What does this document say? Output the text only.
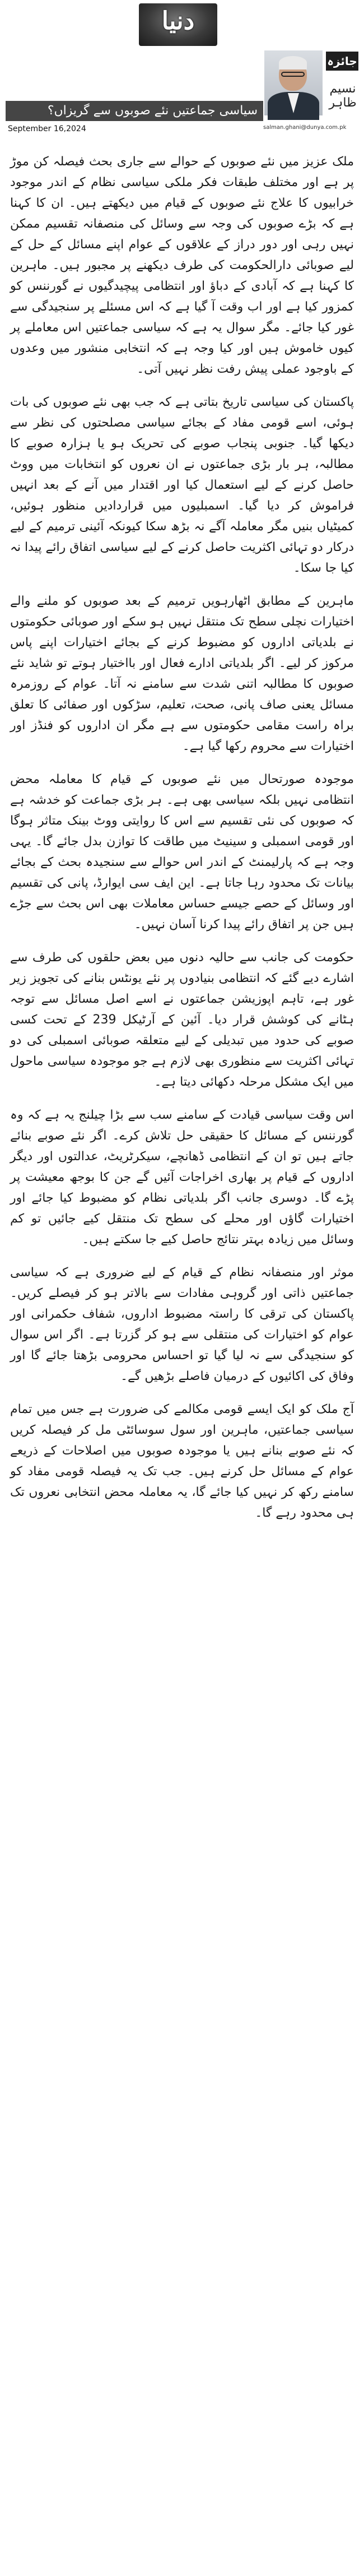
دنیا
جائزہ
نسیم ظاہر
salman.ghani@dunya.com.pk
سیاسی جماعتیں نئے صوبوں سے گریزاں؟
September 16,2024

ملک عزیز میں نئے صوبوں کے حوالے سے جاری بحث فیصلہ کن موڑ پر ہے اور مختلف طبقات فکر ملکی سیاسی نظام کے اندر موجود خرابیوں کا علاج نئے صوبوں کے قیام میں دیکھتے ہیں۔ ان کا کہنا ہے کہ بڑے صوبوں کی وجہ سے وسائل کی منصفانہ تقسیم ممکن نہیں رہی اور دور دراز کے علاقوں کے عوام اپنے مسائل کے حل کے لیے صوبائی دارالحکومت کی طرف دیکھنے پر مجبور ہیں۔ ماہرین کا کہنا ہے کہ آبادی کے دباؤ اور انتظامی پیچیدگیوں نے گورننس کو کمزور کیا ہے اور اب وقت آ گیا ہے کہ اس مسئلے پر سنجیدگی سے غور کیا جائے۔ مگر سوال یہ ہے کہ سیاسی جماعتیں اس معاملے پر کیوں خاموش ہیں اور کیا وجہ ہے کہ انتخابی منشور میں وعدوں کے باوجود عملی پیش رفت نظر نہیں آتی۔

پاکستان کی سیاسی تاریخ بتاتی ہے کہ جب بھی نئے صوبوں کی بات ہوئی، اسے قومی مفاد کے بجائے سیاسی مصلحتوں کی نظر سے دیکھا گیا۔ جنوبی پنجاب صوبے کی تحریک ہو یا ہزارہ صوبے کا مطالبہ، ہر بار بڑی جماعتوں نے ان نعروں کو انتخابات میں ووٹ حاصل کرنے کے لیے استعمال کیا اور اقتدار میں آنے کے بعد انہیں فراموش کر دیا گیا۔ اسمبلیوں میں قراردادیں منظور ہوئیں، کمیٹیاں بنیں مگر معاملہ آگے نہ بڑھ سکا کیونکہ آئینی ترمیم کے لیے درکار دو تہائی اکثریت حاصل کرنے کے لیے سیاسی اتفاق رائے پیدا نہ کیا جا سکا۔

ماہرین کے مطابق اٹھارہویں ترمیم کے بعد صوبوں کو ملنے والے اختیارات نچلی سطح تک منتقل نہیں ہو سکے اور صوبائی حکومتوں نے بلدیاتی اداروں کو مضبوط کرنے کے بجائے اختیارات اپنے پاس مرکوز کر لیے۔ اگر بلدیاتی ادارے فعال اور بااختیار ہوتے تو شاید نئے صوبوں کا مطالبہ اتنی شدت سے سامنے نہ آتا۔ عوام کے روزمرہ مسائل یعنی صاف پانی، صحت، تعلیم، سڑکوں اور صفائی کا تعلق براہ راست مقامی حکومتوں سے ہے مگر ان اداروں کو فنڈز اور اختیارات سے محروم رکھا گیا ہے۔

موجودہ صورتحال میں نئے صوبوں کے قیام کا معاملہ محض انتظامی نہیں بلکہ سیاسی بھی ہے۔ ہر بڑی جماعت کو خدشہ ہے کہ صوبوں کی نئی تقسیم سے اس کا روایتی ووٹ بینک متاثر ہوگا اور قومی اسمبلی و سینیٹ میں طاقت کا توازن بدل جائے گا۔ یہی وجہ ہے کہ پارلیمنٹ کے اندر اس حوالے سے سنجیدہ بحث کے بجائے بیانات تک محدود رہا جاتا ہے۔ این ایف سی ایوارڈ، پانی کی تقسیم اور وسائل کے حصے جیسے حساس معاملات بھی اس بحث سے جڑے ہیں جن پر اتفاق رائے پیدا کرنا آسان نہیں۔

حکومت کی جانب سے حالیہ دنوں میں بعض حلقوں کی طرف سے اشارے دیے گئے کہ انتظامی بنیادوں پر نئے یونٹس بنانے کی تجویز زیر غور ہے، تاہم اپوزیشن جماعتوں نے اسے اصل مسائل سے توجہ ہٹانے کی کوشش قرار دیا۔ آئین کے آرٹیکل 239 کے تحت کسی صوبے کی حدود میں تبدیلی کے لیے متعلقہ صوبائی اسمبلی کی دو تہائی اکثریت سے منظوری بھی لازم ہے جو موجودہ سیاسی ماحول میں ایک مشکل مرحلہ دکھائی دیتا ہے۔

اس وقت سیاسی قیادت کے سامنے سب سے بڑا چیلنج یہ ہے کہ وہ گورننس کے مسائل کا حقیقی حل تلاش کرے۔ اگر نئے صوبے بنائے جاتے ہیں تو ان کے انتظامی ڈھانچے، سیکرٹریٹ، عدالتوں اور دیگر اداروں کے قیام پر بھاری اخراجات آئیں گے جن کا بوجھ معیشت پر پڑے گا۔ دوسری جانب اگر بلدیاتی نظام کو مضبوط کیا جائے اور اختیارات گاؤں اور محلے کی سطح تک منتقل کیے جائیں تو کم وسائل میں زیادہ بہتر نتائج حاصل کیے جا سکتے ہیں۔

موثر اور منصفانہ نظام کے قیام کے لیے ضروری ہے کہ سیاسی جماعتیں ذاتی اور گروہی مفادات سے بالاتر ہو کر فیصلے کریں۔ پاکستان کی ترقی کا راستہ مضبوط اداروں، شفاف حکمرانی اور عوام کو اختیارات کی منتقلی سے ہو کر گزرتا ہے۔ اگر اس سوال کو سنجیدگی سے نہ لیا گیا تو احساس محرومی بڑھتا جائے گا اور وفاق کی اکائیوں کے درمیان فاصلے بڑھیں گے۔

آج ملک کو ایک ایسے قومی مکالمے کی ضرورت ہے جس میں تمام سیاسی جماعتیں، ماہرین اور سول سوسائٹی مل کر فیصلہ کریں کہ نئے صوبے بنانے ہیں یا موجودہ صوبوں میں اصلاحات کے ذریعے عوام کے مسائل حل کرنے ہیں۔ جب تک یہ فیصلہ قومی مفاد کو سامنے رکھ کر نہیں کیا جائے گا، یہ معاملہ محض انتخابی نعروں تک ہی محدود رہے گا۔
